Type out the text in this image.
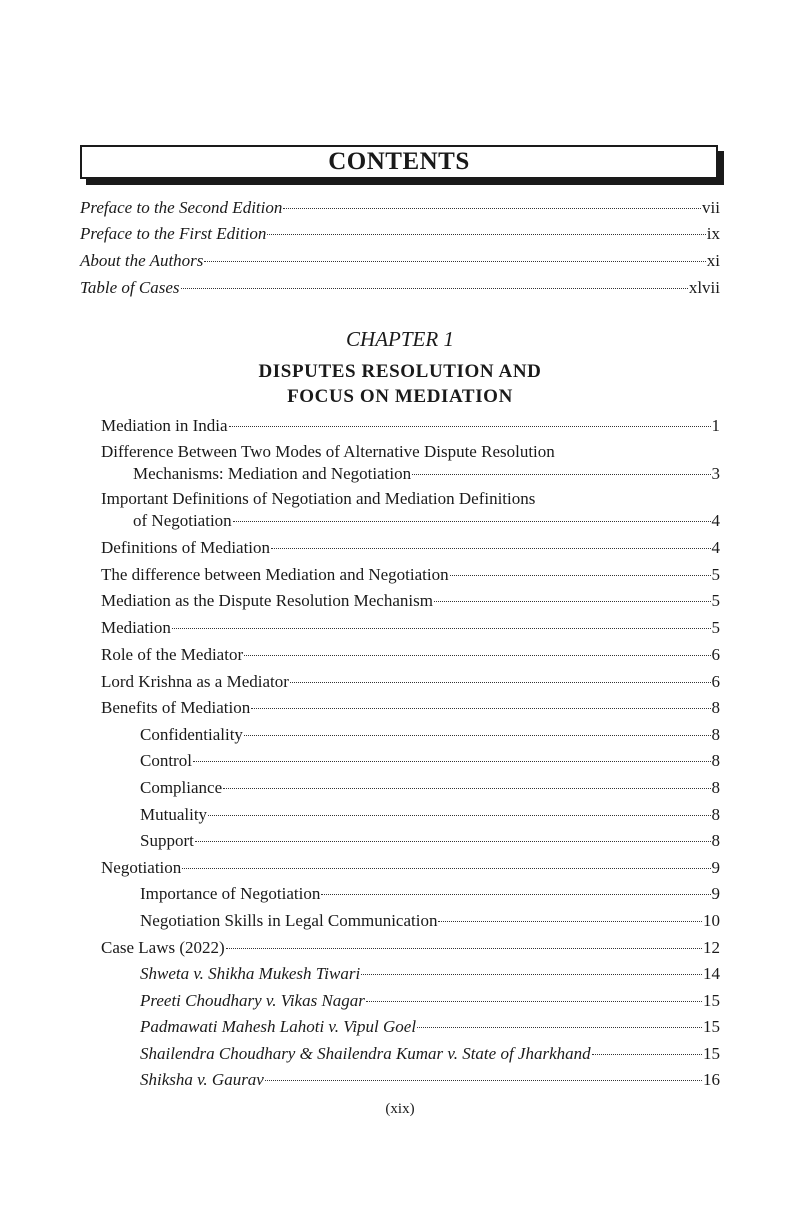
CONTENTS
Preface to the Second Edition	vii
Preface to the First Edition	ix
About the Authors	xi
Table of Cases	xlvii
CHAPTER 1
DISPUTES RESOLUTION AND
FOCUS ON MEDIATION
Mediation in India	1
Difference Between Two Modes of Alternative Dispute Resolution
Mechanisms: Mediation and Negotiation	3
Important Definitions of Negotiation and Mediation Definitions
of Negotiation	4
Definitions of Mediation	4
The difference between Mediation and Negotiation	5
Mediation as the Dispute Resolution Mechanism	5
Mediation	5
Role of the Mediator	6
Lord Krishna as a Mediator	6
Benefits of Mediation	8
Confidentiality	8
Control	8
Compliance	8
Mutuality	8
Support	8
Negotiation	9
Importance of Negotiation	9
Negotiation Skills in Legal Communication	10
Case Laws (2022)	12
Shweta v. Shikha Mukesh Tiwari	14
Preeti Choudhary v. Vikas Nagar	15
Padmawati Mahesh Lahoti v. Vipul Goel	15
Shailendra Choudhary & Shailendra Kumar v. State of Jharkhand	15
Shiksha v. Gaurav	16
(xix)
